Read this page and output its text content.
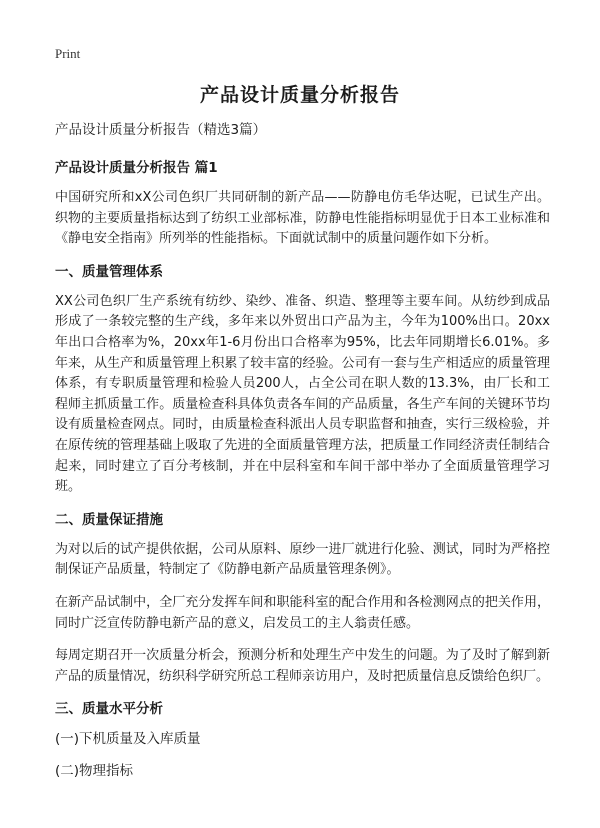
Print
产品设计质量分析报告
产品设计质量分析报告（精选3篇）
产品设计质量分析报告 篇1

中国研究所和xX公司色织厂共同研制的新产品——防静电仿毛华达呢，已试生产出。织物的主要质量指标达到了纺织工业部标准，防静电性能指标明显优于日本工业标准和《静电安全指南》所列举的性能指标。下面就试制中的质量问题作如下分析。

一、质量管理体系

XX公司色织厂生产系统有纺纱、染纱、准备、织造、整理等主要车间。从纺纱到成品形成了一条较完整的生产线，多年来以外贸出口产品为主，今年为100%出口。20xx年出口合格率为%，20xx年1-6月份出口合格率为95%，比去年同期增长6.01%。多年来，从生产和质量管理上积累了较丰富的经验。公司有一套与生产相适应的质量管理体系，有专职质量管理和检验人员200人，占全公司在职人数的13.3%，由厂长和工程师主抓质量工作。质量检查科具体负责各车间的产品质量，各生产车间的关键环节均设有质量检查网点。同时，由质量检查科派出人员专职监督和抽查，实行三级检验，并在原传统的管理基础上吸取了先进的全面质量管理方法，把质量工作同经济责任制结合起来，同时建立了百分考核制，并在中层科室和车间干部中举办了全面质量管理学习班。

二、质量保证措施

为对以后的试产提供依据，公司从原料、原纱一进厂就进行化验、测试，同时为严格控制保证产品质量，特制定了《防静电新产品质量管理条例》。

在新产品试制中，全厂充分发挥车间和职能科室的配合作用和各检测网点的把关作用，同时广泛宣传防静电新产品的意义，启发员工的主人翁责任感。

每周定期召开一次质量分析会，预测分析和处理生产中发生的问题。为了及时了解到新产品的质量情况，纺织科学研究所总工程师亲访用户，及时把质量信息反馈给色织厂。

三、质量水平分析

(一)下机质量及入库质量

(二)物理指标
